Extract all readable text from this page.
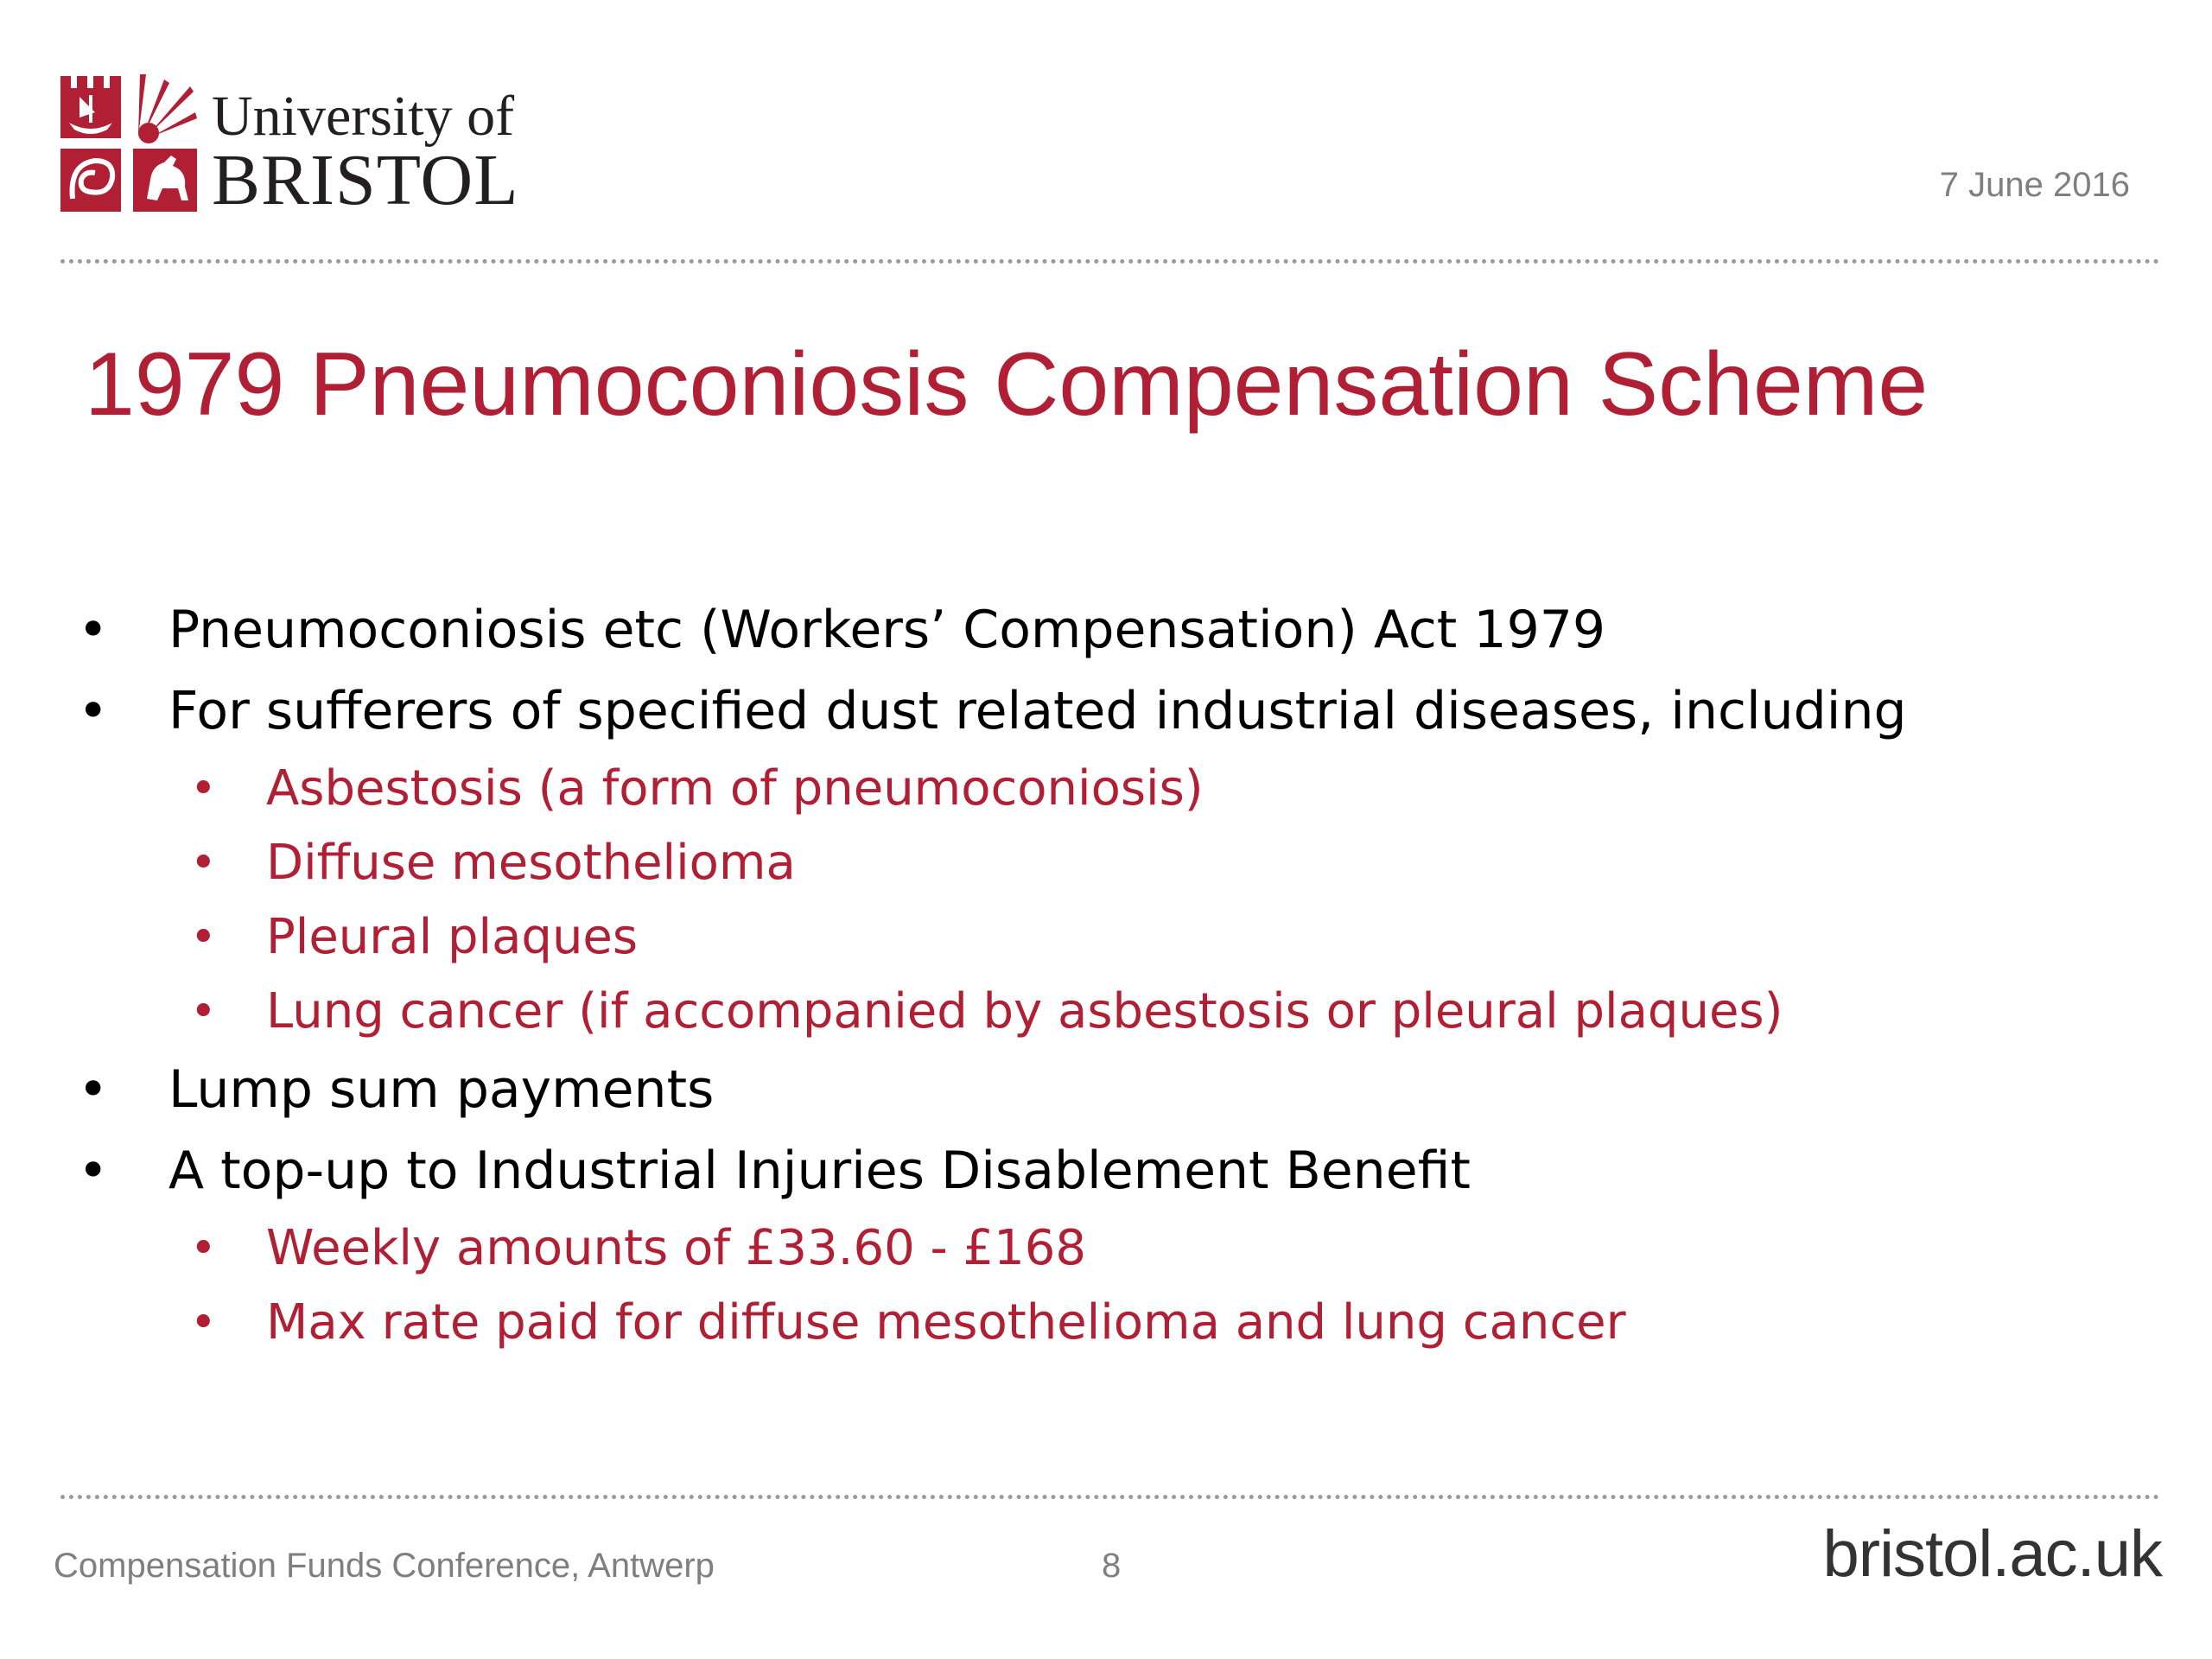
University of
BRISTOL	7 June 2016
1979 Pneumoconiosis Compensation Scheme
• Pneumoconiosis etc (Workers’ Compensation) Act 1979
• For sufferers of specified dust related industrial diseases, including
• Asbestosis (a form of pneumoconiosis)
• Diffuse mesothelioma
• Pleural plaques
• Lung cancer (if accompanied by asbestosis or pleural plaques)
• Lump sum payments
• A top-up to Industrial Injuries Disablement Benefit
• Weekly amounts of £33.60 - £168
• Max rate paid for diffuse mesothelioma and lung cancer
Compensation Funds Conference, Antwerp	8	bristol.ac.uk
